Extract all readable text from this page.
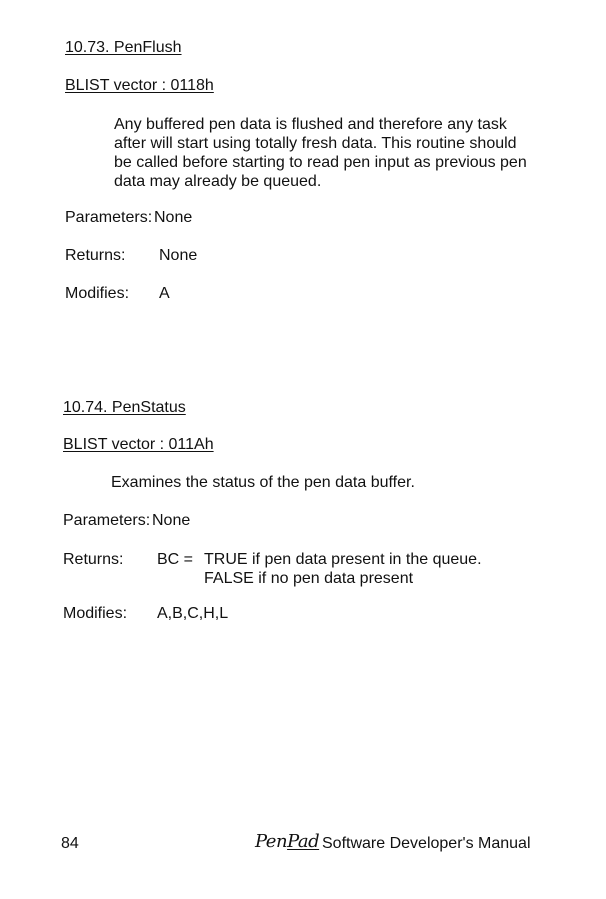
10.73. PenFlush
BLIST vector : 0118h
Any buffered pen data is flushed and therefore any task after will start using totally fresh data. This routine should be called before starting to read pen input as previous pen data may already be queued.
Parameters: None
Returns: None
Modifies: A
10.74. PenStatus
BLIST vector : 011Ah
Examines the status of the pen data buffer.
Parameters: None
Returns: BC = TRUE if pen data present in the queue.
FALSE if no pen data present
Modifies: A,B,C,H,L
84	PenPad Software Developer's Manual
